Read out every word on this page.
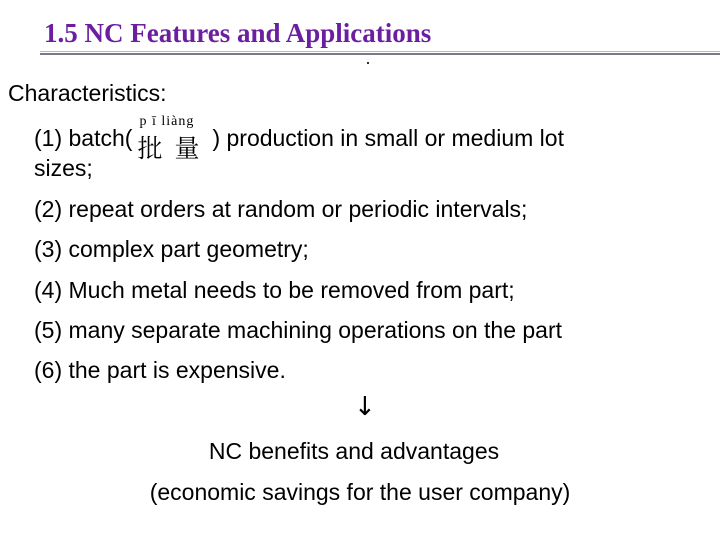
1.5 NC Features and Applications
Characteristics:
(1) batch(
p ī liàng
批量 ) production in small or medium lot
sizes;
(2) repeat orders at random or periodic intervals;
(3) complex part geometry;
(4) Much metal needs to be removed from part;
(5) many separate machining operations on the part
(6) the part is expensive.
↓
NC benefits and advantages
(economic savings for the user company)
